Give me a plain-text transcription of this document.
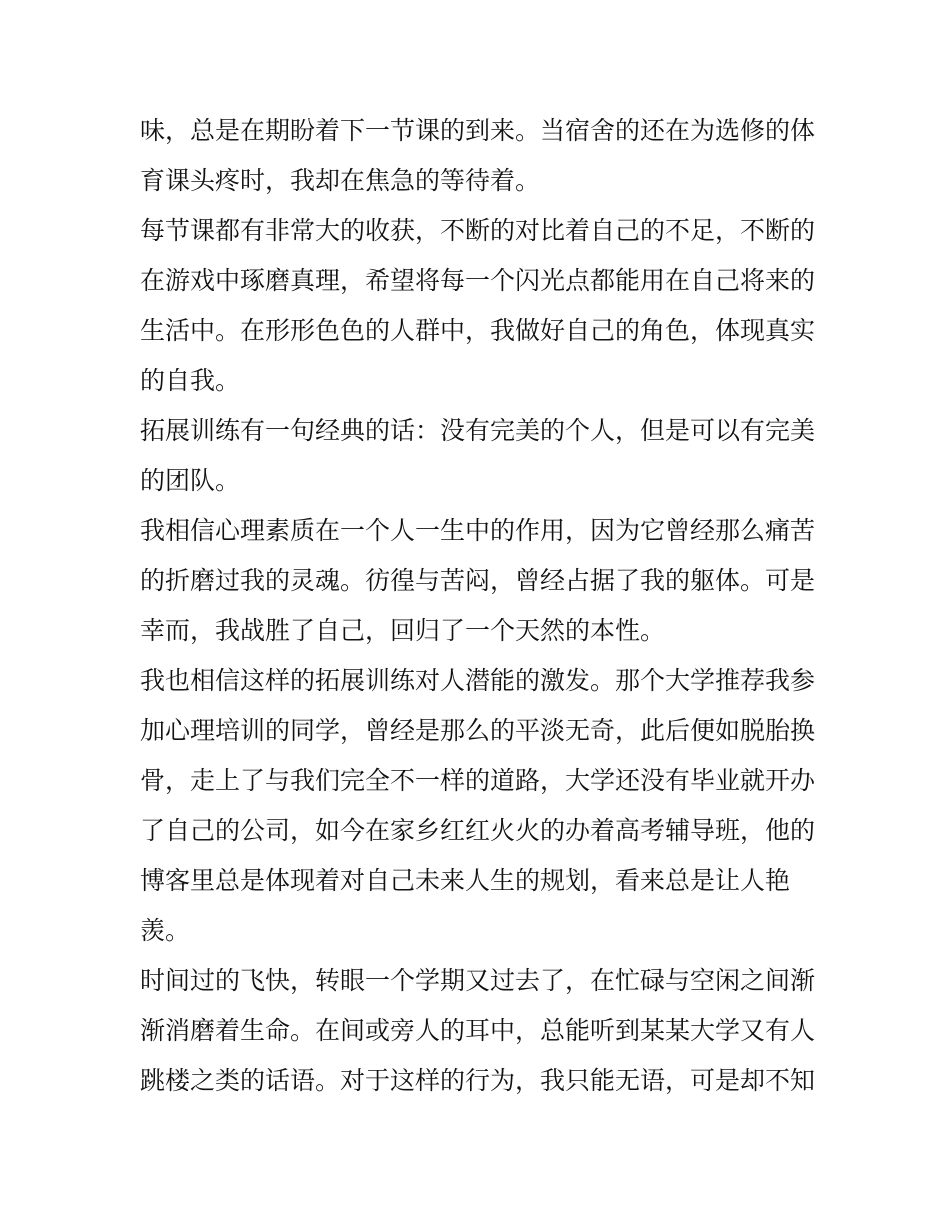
味，总是在期盼着下一节课的到来。当宿舍的还在为选修的体
育课头疼时，我却在焦急的等待着。
每节课都有非常大的收获，不断的对比着自己的不足，不断的
在游戏中琢磨真理，希望将每一个闪光点都能用在自己将来的
生活中。在形形色色的人群中，我做好自己的角色，体现真实
的自我。
拓展训练有一句经典的话：没有完美的个人，但是可以有完美
的团队。
我相信心理素质在一个人一生中的作用，因为它曾经那么痛苦
的折磨过我的灵魂。彷徨与苦闷，曾经占据了我的躯体。可是
幸而，我战胜了自己，回归了一个天然的本性。
我也相信这样的拓展训练对人潜能的激发。那个大学推荐我参
加心理培训的同学，曾经是那么的平淡无奇，此后便如脱胎换
骨，走上了与我们完全不一样的道路，大学还没有毕业就开办
了自己的公司，如今在家乡红红火火的办着高考辅导班，他的
博客里总是体现着对自己未来人生的规划，看来总是让人艳
羡。
时间过的飞快，转眼一个学期又过去了，在忙碌与空闲之间渐
渐消磨着生命。在间或旁人的耳中，总能听到某某大学又有人
跳楼之类的话语。对于这样的行为，我只能无语，可是却不知
